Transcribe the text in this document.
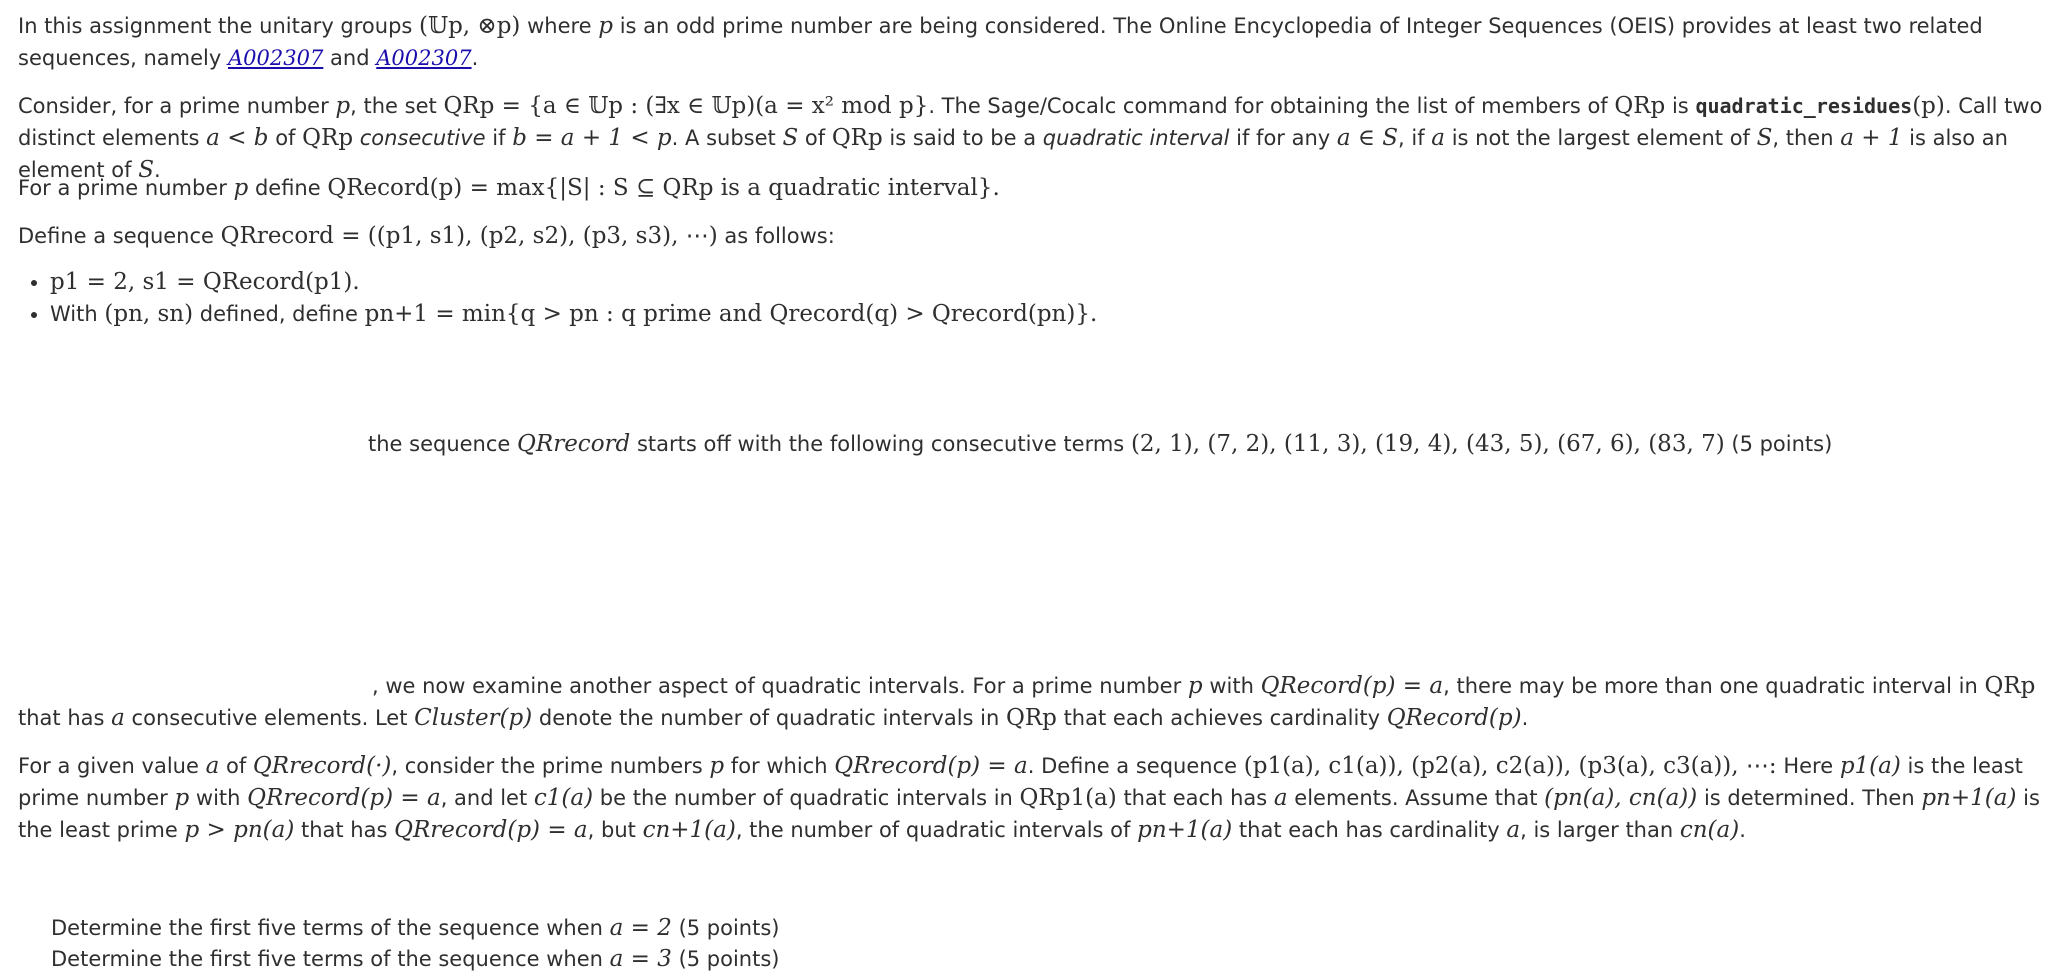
In this assignment the unitary groups (𝕌p, ⊗p) where p is an odd prime number are being considered. The Online Encyclopedia of Integer Sequences (OEIS) provides at least two related sequences, namely A002307 and A002307.

Consider, for a prime number p, the set QRp = {a ∈ 𝕌p : (∃x ∈ 𝕌p)(a = x² mod p}. The Sage/Cocalc command for obtaining the list of members of QRp is quadratic_residues(p). Call two distinct elements a < b of QRp consecutive if b = a + 1 < p. A subset S of QRp is said to be a quadratic interval if for any a ∈ S, if a is not the largest element of S, then a + 1 is also an element of S.

For a prime number p define QRecord(p) = max{|S| : S ⊆ QRp is a quadratic interval}.

Define a sequence QRrecord = ((p1, s1), (p2, s2), (p3, s3), ⋯) as follows:

• p1 = 2, s1 = QRecord(p1).
• With (pn, sn) defined, define pn+1 = min{q > pn : q prime and Qrecord(q) > Qrecord(pn)}.
the sequence QRrecord starts off with the following consecutive terms (2, 1), (7, 2), (11, 3), (19, 4), (43, 5), (67, 6), (83, 7) (5 points)

, we now examine another aspect of quadratic intervals. For a prime number p with QRecord(p) = a, there may be more than one quadratic interval in QRp that has a consecutive elements. Let Cluster(p) denote the number of quadratic intervals in QRp that each achieves cardinality QRecord(p).

For a given value a of QRrecord(·), consider the prime numbers p for which QRrecord(p) = a. Define a sequence (p1(a), c1(a)), (p2(a), c2(a)), (p3(a), c3(a)), ⋯: Here p1(a) is the least prime number p with QRrecord(p) = a, and let c1(a) be the number of quadratic intervals in QRp1(a) that each has a elements. Assume that (pn(a), cn(a)) is determined. Then pn+1(a) is the least prime p > pn(a) that has QRrecord(p) = a, but cn+1(a), the number of quadratic intervals of pn+1(a) that each has cardinality a, is larger than cn(a).

Determine the first five terms of the sequence when a = 2 (5 points)
Determine the first five terms of the sequence when a = 3 (5 points)
